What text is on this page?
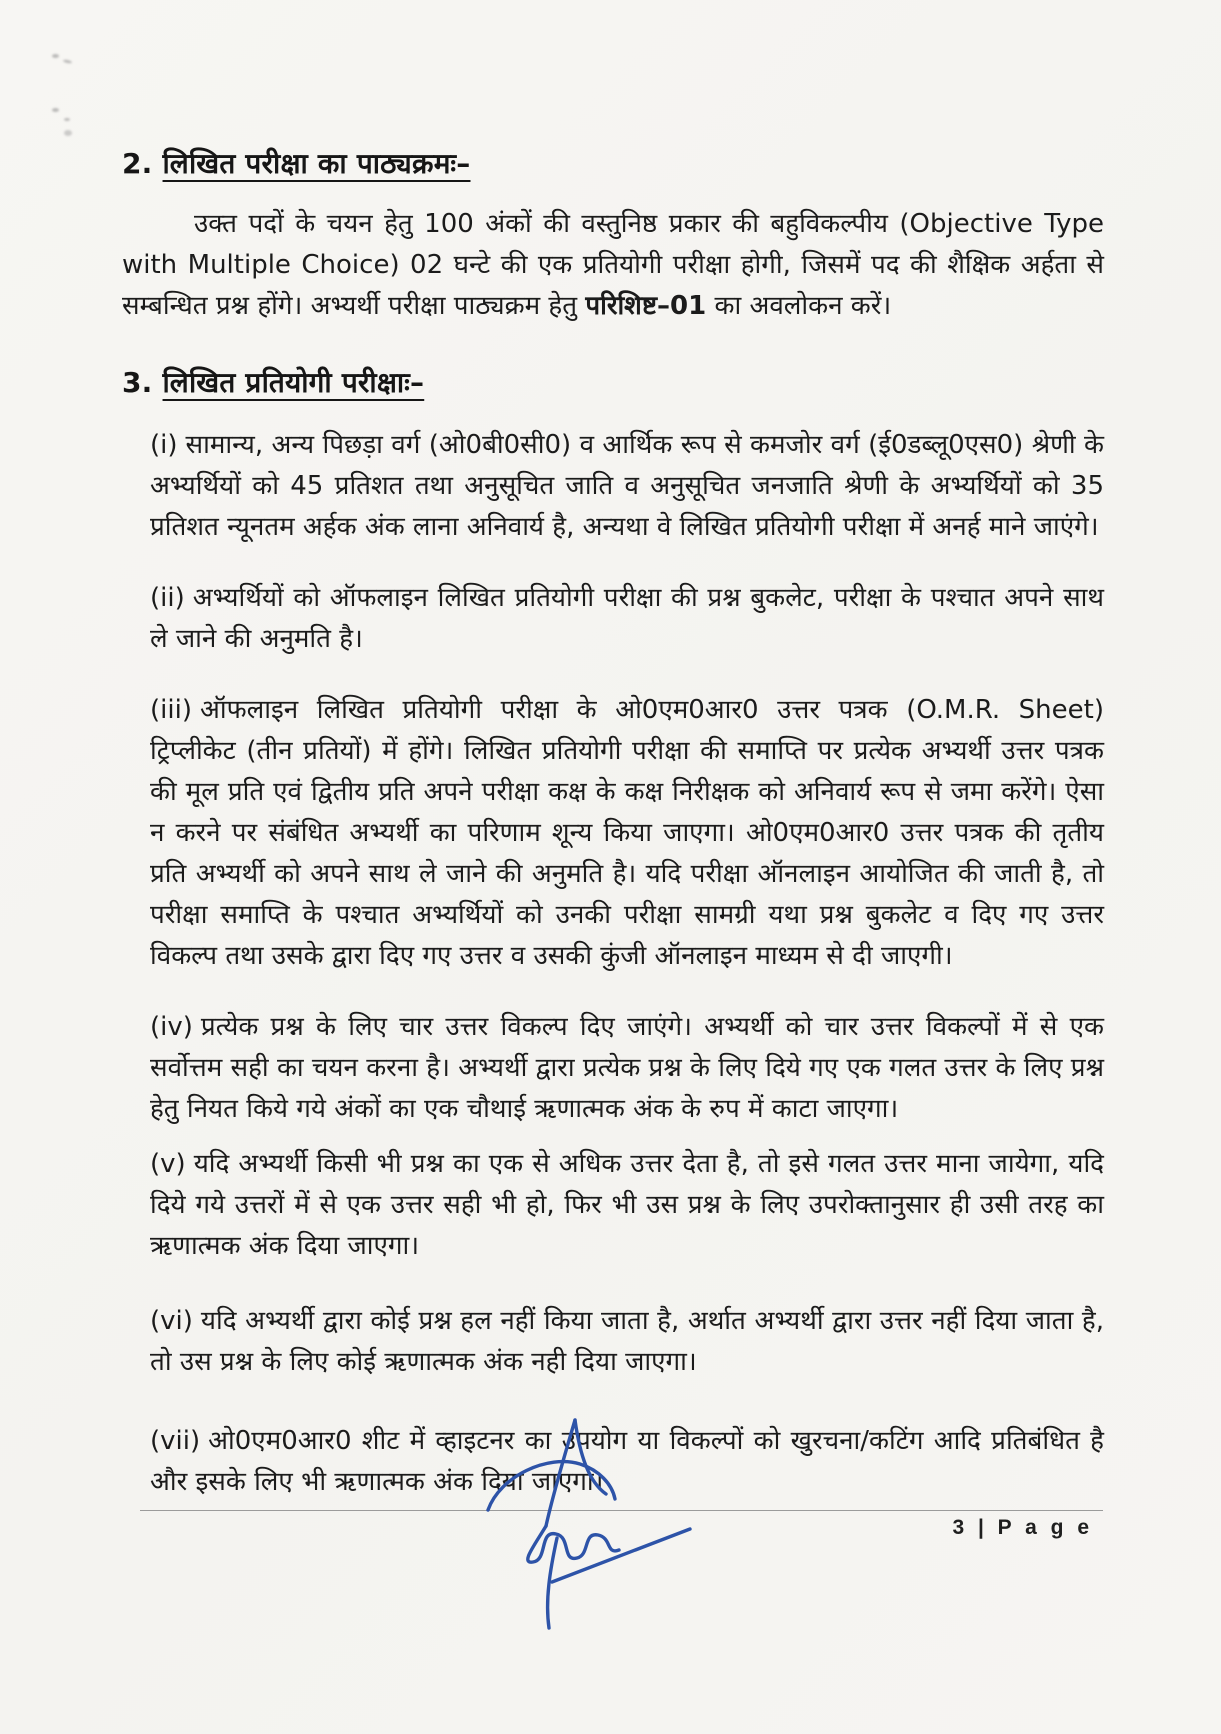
2. लिखित परीक्षा का पाठ्यक्रमः–
उक्त पदों के चयन हेतु 100 अंकों की वस्तुनिष्ठ प्रकार की बहुविकल्पीय (Objective Type with Multiple Choice) 02 घन्टे की एक प्रतियोगी परीक्षा होगी, जिसमें पद की शैक्षिक अर्हता से सम्बन्धित प्रश्न होंगे। अभ्यर्थी परीक्षा पाठ्यक्रम हेतु परिशिष्ट–01 का अवलोकन करें।
3. लिखित प्रतियोगी परीक्षाः–
(i) सामान्य, अन्य पिछड़ा वर्ग (ओ0बी0सी0) व आर्थिक रूप से कमजोर वर्ग (ई0डब्लू0एस0) श्रेणी के अभ्यर्थियों को 45 प्रतिशत तथा अनुसूचित जाति व अनुसूचित जनजाति श्रेणी के अभ्यर्थियों को 35 प्रतिशत न्यूनतम अर्हक अंक लाना अनिवार्य है, अन्यथा वे लिखित प्रतियोगी परीक्षा में अनर्ह माने जाएंगे।
(ii) अभ्यर्थियों को ऑफलाइन लिखित प्रतियोगी परीक्षा की प्रश्न बुकलेट, परीक्षा के पश्चात अपने साथ ले जाने की अनुमति है।
(iii) ऑफलाइन लिखित प्रतियोगी परीक्षा के ओ0एम0आर0 उत्तर पत्रक (O.M.R. Sheet) ट्रिप्लीकेट (तीन प्रतियों) में होंगे। लिखित प्रतियोगी परीक्षा की समाप्ति पर प्रत्येक अभ्यर्थी उत्तर पत्रक की मूल प्रति एवं द्वितीय प्रति अपने परीक्षा कक्ष के कक्ष निरीक्षक को अनिवार्य रूप से जमा करेंगे। ऐसा न करने पर संबंधित अभ्यर्थी का परिणाम शून्य किया जाएगा। ओ0एम0आर0 उत्तर पत्रक की तृतीय प्रति अभ्यर्थी को अपने साथ ले जाने की अनुमति है। यदि परीक्षा ऑनलाइन आयोजित की जाती है, तो परीक्षा समाप्ति के पश्चात अभ्यर्थियों को उनकी परीक्षा सामग्री यथा प्रश्न बुकलेट व दिए गए उत्तर विकल्प तथा उसके द्वारा दिए गए उत्तर व उसकी कुंजी ऑनलाइन माध्यम से दी जाएगी।
(iv) प्रत्येक प्रश्न के लिए चार उत्तर विकल्प दिए जाएंगे। अभ्यर्थी को चार उत्तर विकल्पों में से एक सर्वोत्तम सही का चयन करना है। अभ्यर्थी द्वारा प्रत्येक प्रश्न के लिए दिये गए एक गलत उत्तर के लिए प्रश्न हेतु नियत किये गये अंकों का एक चौथाई ऋणात्मक अंक के रुप में काटा जाएगा।
(v) यदि अभ्यर्थी किसी भी प्रश्न का एक से अधिक उत्तर देता है, तो इसे गलत उत्तर माना जायेगा, यदि दिये गये उत्तरों में से एक उत्तर सही भी हो, फिर भी उस प्रश्न के लिए उपरोक्तानुसार ही उसी तरह का ऋणात्मक अंक दिया जाएगा।
(vi) यदि अभ्यर्थी द्वारा कोई प्रश्न हल नहीं किया जाता है, अर्थात अभ्यर्थी द्वारा उत्तर नहीं दिया जाता है, तो उस प्रश्न के लिए कोई ऋणात्मक अंक नही दिया जाएगा।
(vii) ओ0एम0आर0 शीट में व्हाइटनर का उपयोग या विकल्पों को खुरचना/कटिंग आदि प्रतिबंधित है और इसके लिए भी ऋणात्मक अंक दिया जाएगा।
3 | P a g e
